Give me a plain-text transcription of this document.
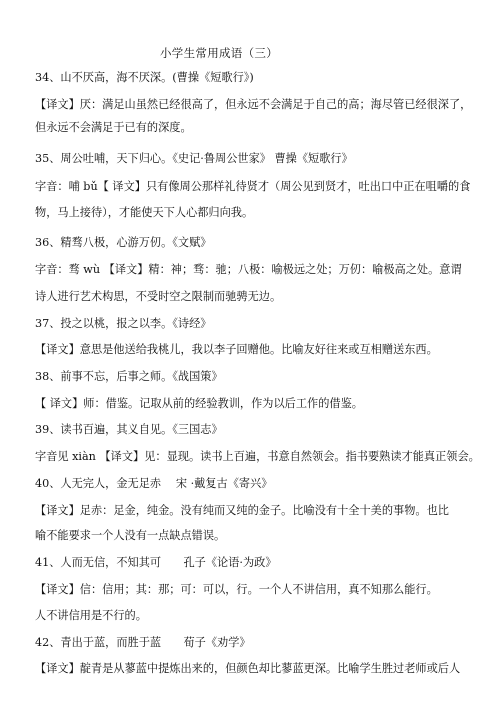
小学生常用成语（三）
34、山不厌高，海不厌深。(曹操《短歌行》)
【译文】厌：满足山虽然已经很高了，但永远不会满足于自己的高；海尽管已经很深了，
但永远不会满足于已有的深度。
35、周公吐哺，天下归心。《史记·鲁周公世家》 曹操《短歌行》
字音：哺 bǔ【 译文】只有像周公那样礼待贤才（周公见到贤才，吐出口中正在咀嚼的食
物，马上接待），才能使天下人心都归向我。
36、精骛八极，心游万仞。《文赋》
字音：骛 wù 【译文】精：神；骛：驰；八极：喻极远之处；万仞：喻极高之处。意谓
诗人进行艺术构思，不受时空之限制而驰骋无边。
37、投之以桃，报之以李。《诗经》
【译文】意思是他送给我桃儿，我以李子回赠他。比喻友好往来或互相赠送东西。
38、前事不忘，后事之师。《战国策》
【 译文】师：借鉴。记取从前的经验教训，作为以后工作的借鉴。
39、读书百遍，其义自见。《三国志》
字音见 xiàn 【译文】见：显现。读书上百遍，书意自然领会。指书要熟读才能真正领会。
40、人无完人，金无足赤　 宋 ·戴复古《寄兴》
【译文】足赤：足金，纯金。没有纯而又纯的金子。比喻没有十全十美的事物。也比
喻不能要求一个人没有一点缺点错误。
41、人而无信，不知其可　　孔子《论语·为政》
【译文】信：信用；其：那；可：可以，行。一个人不讲信用，真不知那么能行。
人不讲信用是不行的。
42、青出于蓝，而胜于蓝　　荀子《劝学》
【译文】靛青是从蓼蓝中提炼出来的，但颜色却比蓼蓝更深。比喻学生胜过老师或后人
